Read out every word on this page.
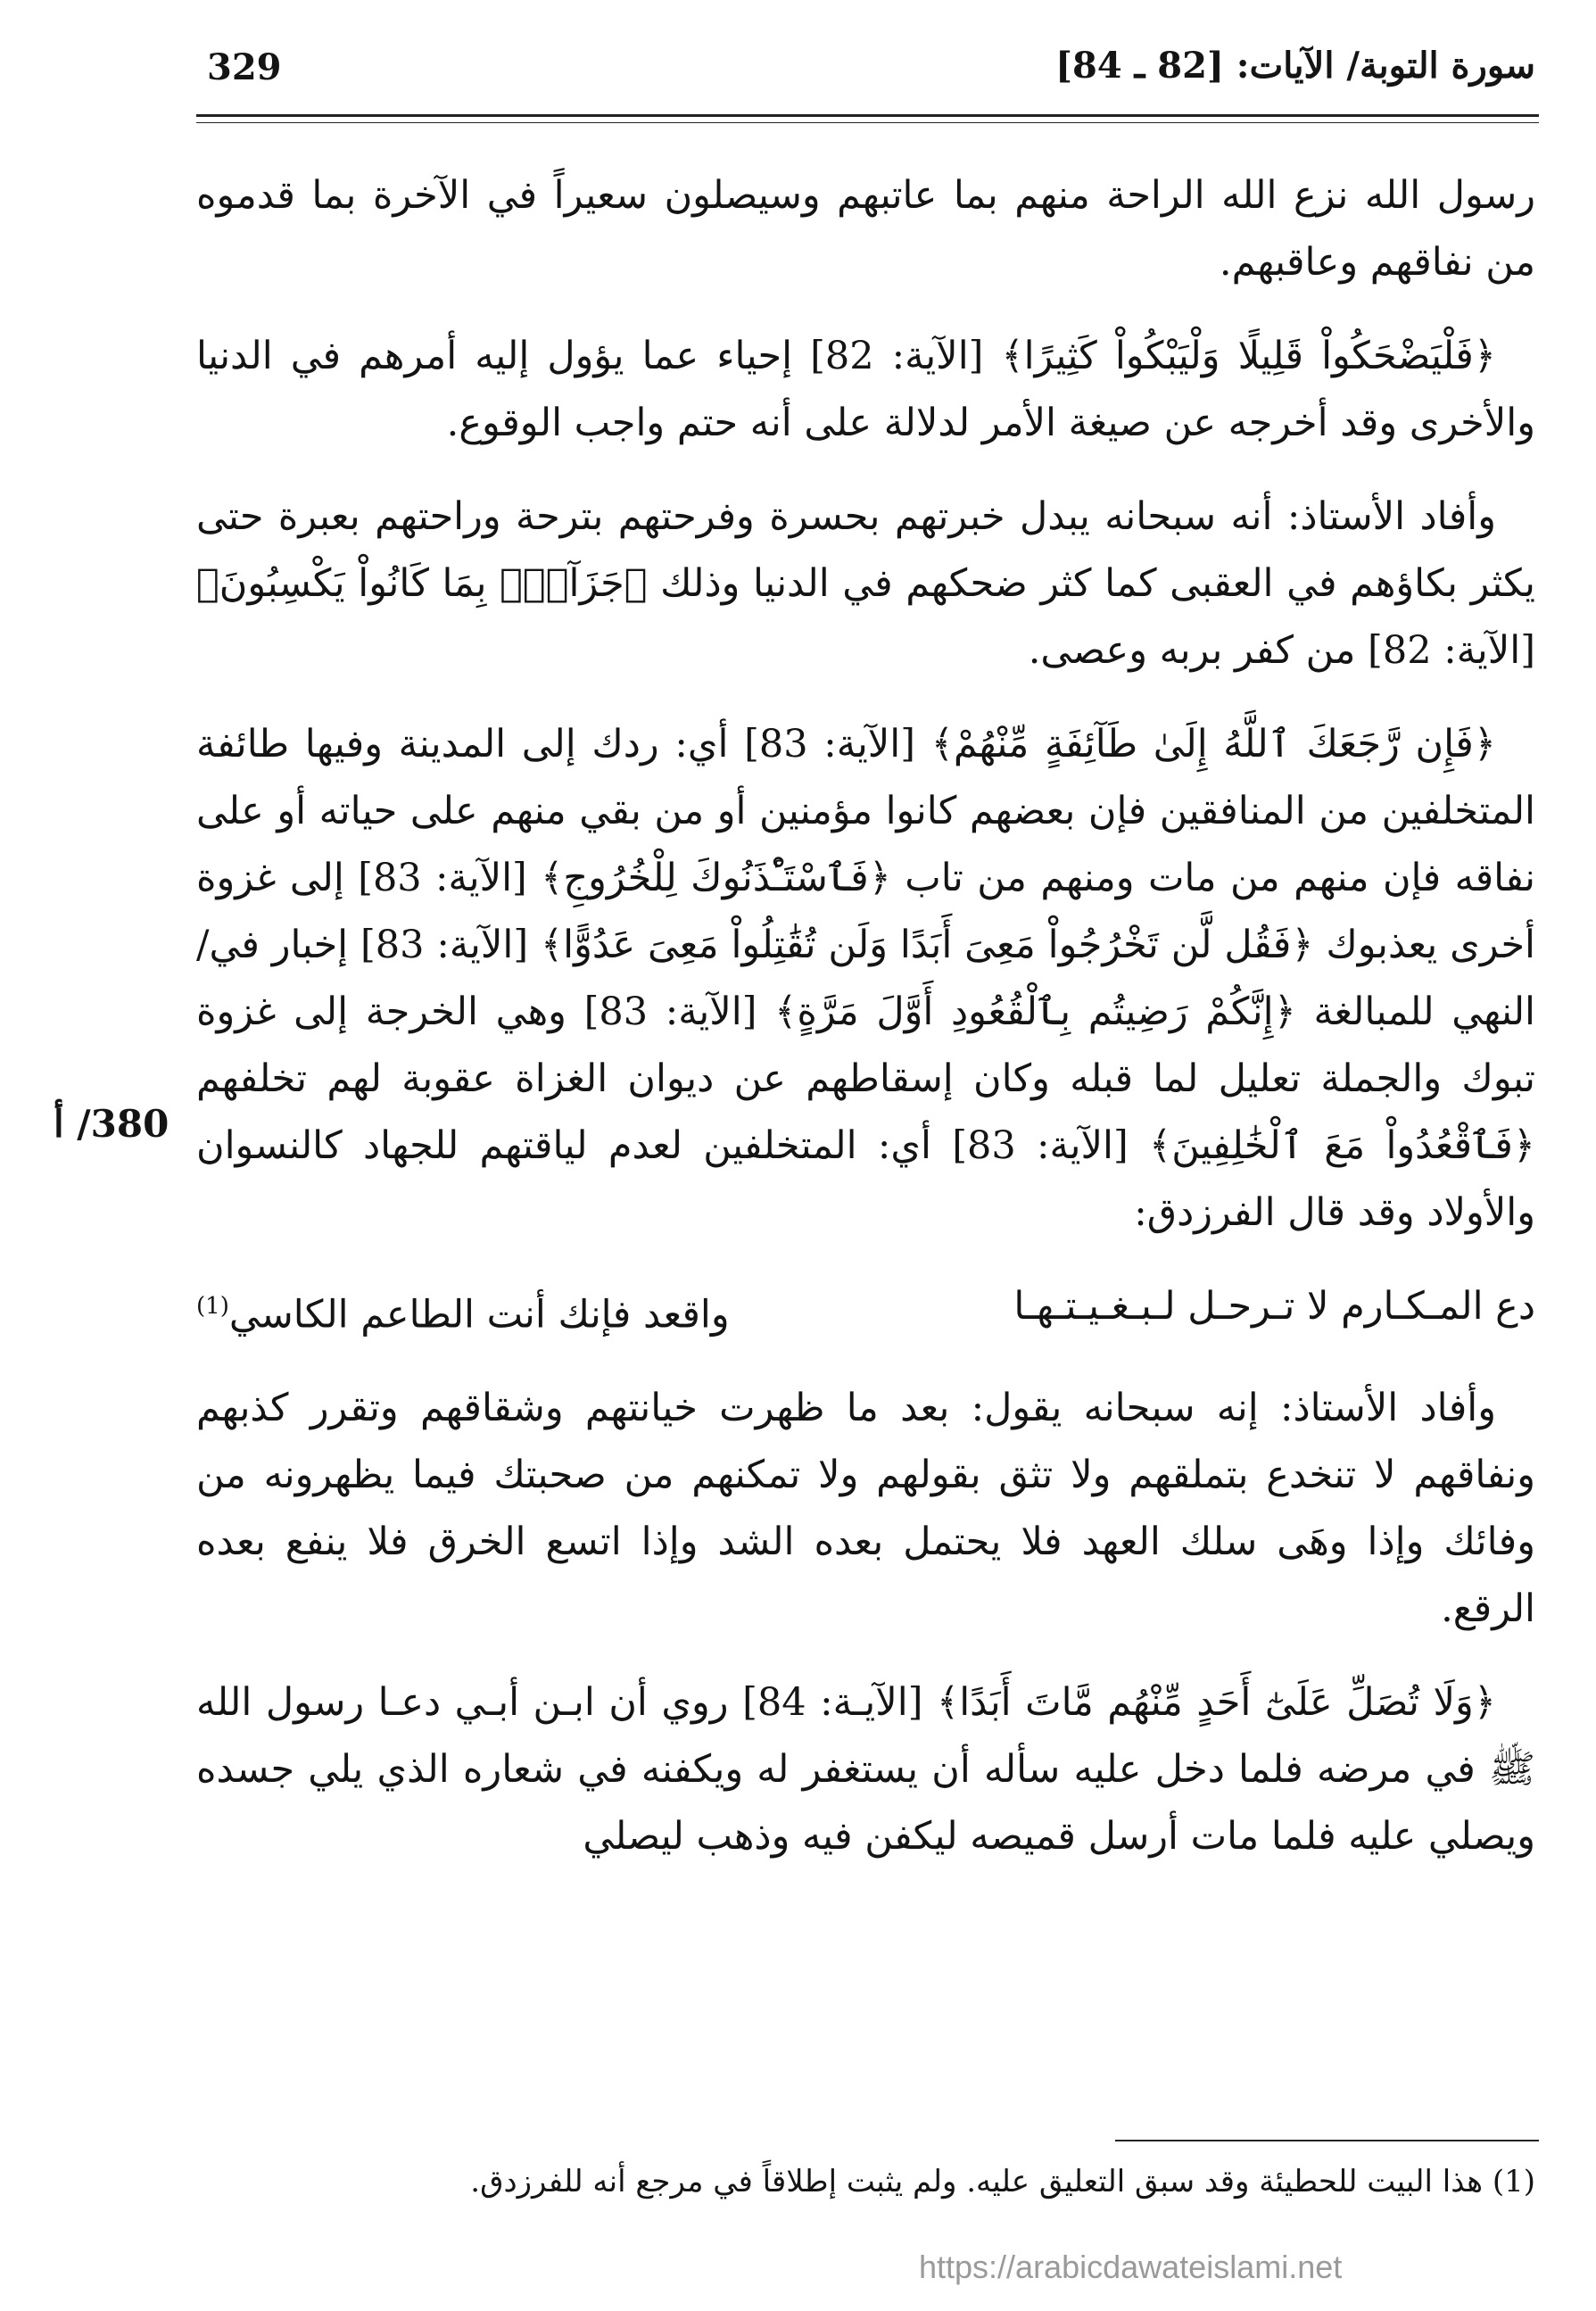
329	سورة التوبة/ الآيات: [82 ـ 84]
380/ أ

رسول الله نزع الله الراحة منهم بما عاتبهم وسيصلون سعيراً في الآخرة بما قدموه من نفاقهم وعاقبهم.

﴿فَلْيَضْحَكُواْ قَلِيلًا وَلْيَبْكُواْ كَثِيرًا﴾ [الآية: 82] إحياء عما يؤول إليه أمرهم في الدنيا والأخرى وقد أخرجه عن صيغة الأمر لدلالة على أنه حتم واجب الوقوع.

وأفاد الأستاذ: أنه سبحانه يبدل خبرتهم بحسرة وفرحتهم بترحة وراحتهم بعبرة حتى يكثر بكاؤهم في العقبى كما كثر ضحكهم في الدنيا وذلك ﴿جَزَآءَۢ بِمَا كَانُواْ يَكْسِبُونَ﴾ [الآية: 82] من كفر بربه وعصى.

﴿فَإِن رَّجَعَكَ ٱللَّهُ إِلَىٰ طَآئِفَةٍ مِّنْهُمْ﴾ [الآية: 83] أي: ردك إلى المدينة وفيها طائفة المتخلفين من المنافقين فإن بعضهم كانوا مؤمنين أو من بقي منهم على حياته أو على نفاقه فإن منهم من مات ومنهم من تاب ﴿فَٱسْتَـْٔذَنُوكَ لِلْخُرُوجِ﴾ [الآية: 83] إلى غزوة أخرى يعذبوك ﴿فَقُل لَّن تَخْرُجُواْ مَعِىَ أَبَدًا وَلَن تُقَٰتِلُواْ مَعِىَ عَدُوًّا﴾ [الآية: 83] إخبار في/ النهي للمبالغة ﴿إِنَّكُمْ رَضِيتُم بِٱلْقُعُودِ أَوَّلَ مَرَّةٍ﴾ [الآية: 83] وهي الخرجة إلى غزوة تبوك والجملة تعليل لما قبله وكان إسقاطهم عن ديوان الغزاة عقوبة لهم تخلفهم ﴿فَٱقْعُدُواْ مَعَ ٱلْخَٰلِفِينَ﴾ [الآية: 83] أي: المتخلفين لعدم لياقتهم للجهاد كالنسوان والأولاد وقد قال الفرزدق:

دع المـكـارم لا تـرحـل لـبـغـيـتـهـا
واقعد فإنك أنت الطاعم الكاسي$^{(1)}$

وأفاد الأستاذ: إنه سبحانه يقول: بعد ما ظهرت خيانتهم وشقاقهم وتقرر كذبهم ونفاقهم لا تنخدع بتملقهم ولا تثق بقولهم ولا تمكنهم من صحبتك فيما يظهرونه من وفائك وإذا وهَى سلك العهد فلا يحتمل بعده الشد وإذا اتسع الخرق فلا ينفع بعده الرقع.

﴿وَلَا تُصَلِّ عَلَىٰٓ أَحَدٍ مِّنْهُم مَّاتَ أَبَدًا﴾ [الآيـة: 84] روي أن ابـن أبـي دعـا رسول الله ﷺ في مرضه فلما دخل عليه سأله أن يستغفر له ويكفنه في شعاره الذي يلي جسده ويصلي عليه فلما مات أرسل قميصه ليكفن فيه وذهب ليصلي

(1) هذا البيت للحطيئة وقد سبق التعليق عليه. ولم يثبت إطلاقاً في مرجع أنه للفرزدق.
https://arabicdawateislami.net
